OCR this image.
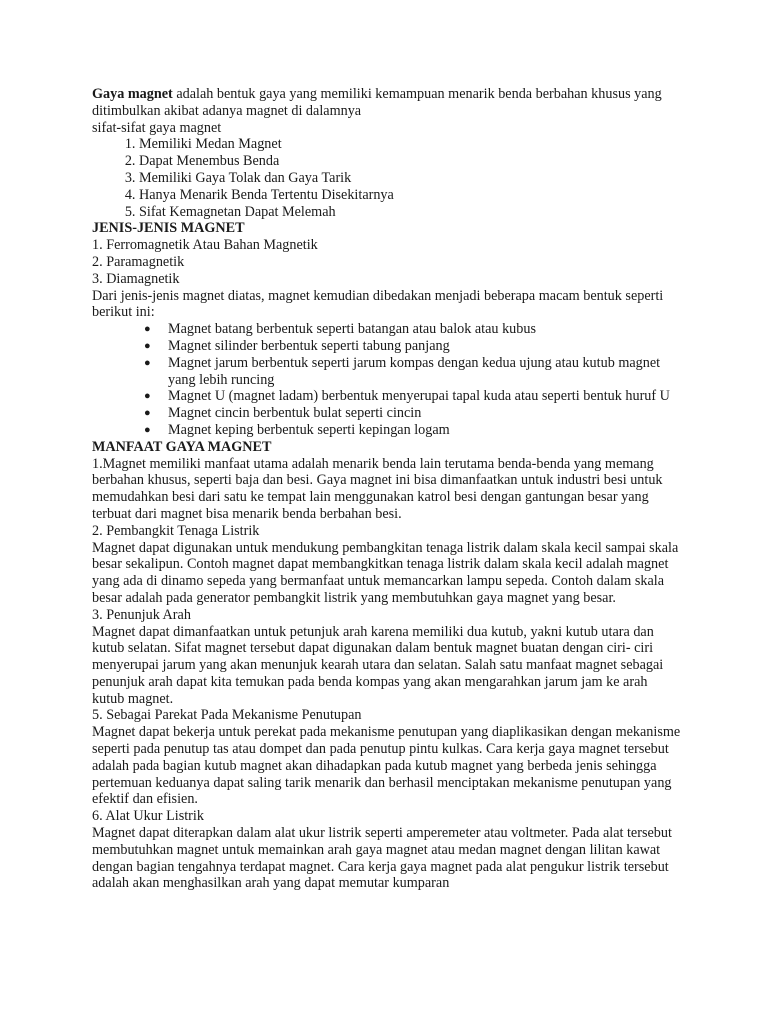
Gaya magnet adalah bentuk gaya yang memiliki kemampuan menarik benda berbahan khusus yang ditimbulkan akibat adanya magnet di dalamnya

sifat-sifat gaya magnet

1. Memiliki Medan Magnet
2. Dapat Menembus Benda
3. Memiliki Gaya Tolak dan Gaya Tarik
4. Hanya Menarik Benda Tertentu Disekitarnya
5. Sifat Kemagnetan Dapat Melemah

JENIS-JENIS MAGNET

1. Ferromagnetik Atau Bahan Magnetik

2. Paramagnetik

3. Diamagnetik

Dari jenis-jenis magnet diatas, magnet kemudian dibedakan menjadi beberapa macam bentuk seperti berikut ini:

● Magnet batang berbentuk seperti batangan atau balok atau kubus
● Magnet silinder berbentuk seperti tabung panjang
● Magnet jarum berbentuk seperti jarum kompas dengan kedua ujung atau kutub magnet yang lebih runcing
● Magnet U (magnet ladam) berbentuk menyerupai tapal kuda atau seperti bentuk huruf U
● Magnet cincin berbentuk bulat seperti cincin
● Magnet keping berbentuk seperti kepingan logam

MANFAAT GAYA MAGNET

1.Magnet memiliki manfaat utama adalah menarik benda lain terutama benda-benda yang memang berbahan khusus, seperti baja dan besi. Gaya magnet ini bisa dimanfaatkan untuk industri besi untuk memudahkan besi dari satu ke tempat lain menggunakan katrol besi dengan gantungan besar yang terbuat dari magnet bisa menarik benda berbahan besi.

2. Pembangkit Tenaga Listrik

Magnet dapat digunakan untuk mendukung pembangkitan tenaga listrik dalam skala kecil sampai skala besar sekalipun. Contoh magnet dapat membangkitkan tenaga listrik dalam skala kecil adalah magnet yang ada di dinamo sepeda yang bermanfaat untuk memancarkan lampu sepeda. Contoh dalam skala besar adalah pada generator pembangkit listrik yang membutuhkan gaya magnet yang besar.

3. Penunjuk Arah

Magnet dapat dimanfaatkan untuk petunjuk arah karena memiliki dua kutub, yakni kutub utara dan kutub selatan. Sifat magnet tersebut dapat digunakan dalam bentuk magnet buatan dengan ciri- ciri menyerupai jarum yang akan menunjuk kearah utara dan selatan. Salah satu manfaat magnet sebagai penunjuk arah dapat kita temukan pada benda kompas yang akan mengarahkan jarum jam ke arah kutub magnet.

5. Sebagai Parekat Pada Mekanisme Penutupan

Magnet dapat bekerja untuk perekat pada mekanisme penutupan yang diaplikasikan dengan mekanisme seperti pada penutup tas atau dompet dan pada penutup pintu kulkas. Cara kerja gaya magnet tersebut adalah pada bagian kutub magnet akan dihadapkan pada kutub magnet yang berbeda jenis sehingga pertemuan keduanya dapat saling tarik menarik dan berhasil menciptakan mekanisme penutupan yang efektif dan efisien.

6. Alat Ukur Listrik

Magnet dapat diterapkan dalam alat ukur listrik seperti amperemeter atau voltmeter. Pada alat tersebut membutuhkan magnet untuk memainkan arah gaya magnet atau medan magnet dengan lilitan kawat dengan bagian tengahnya terdapat magnet. Cara kerja gaya magnet pada alat pengukur listrik tersebut adalah akan menghasilkan arah yang dapat memutar kumparan
